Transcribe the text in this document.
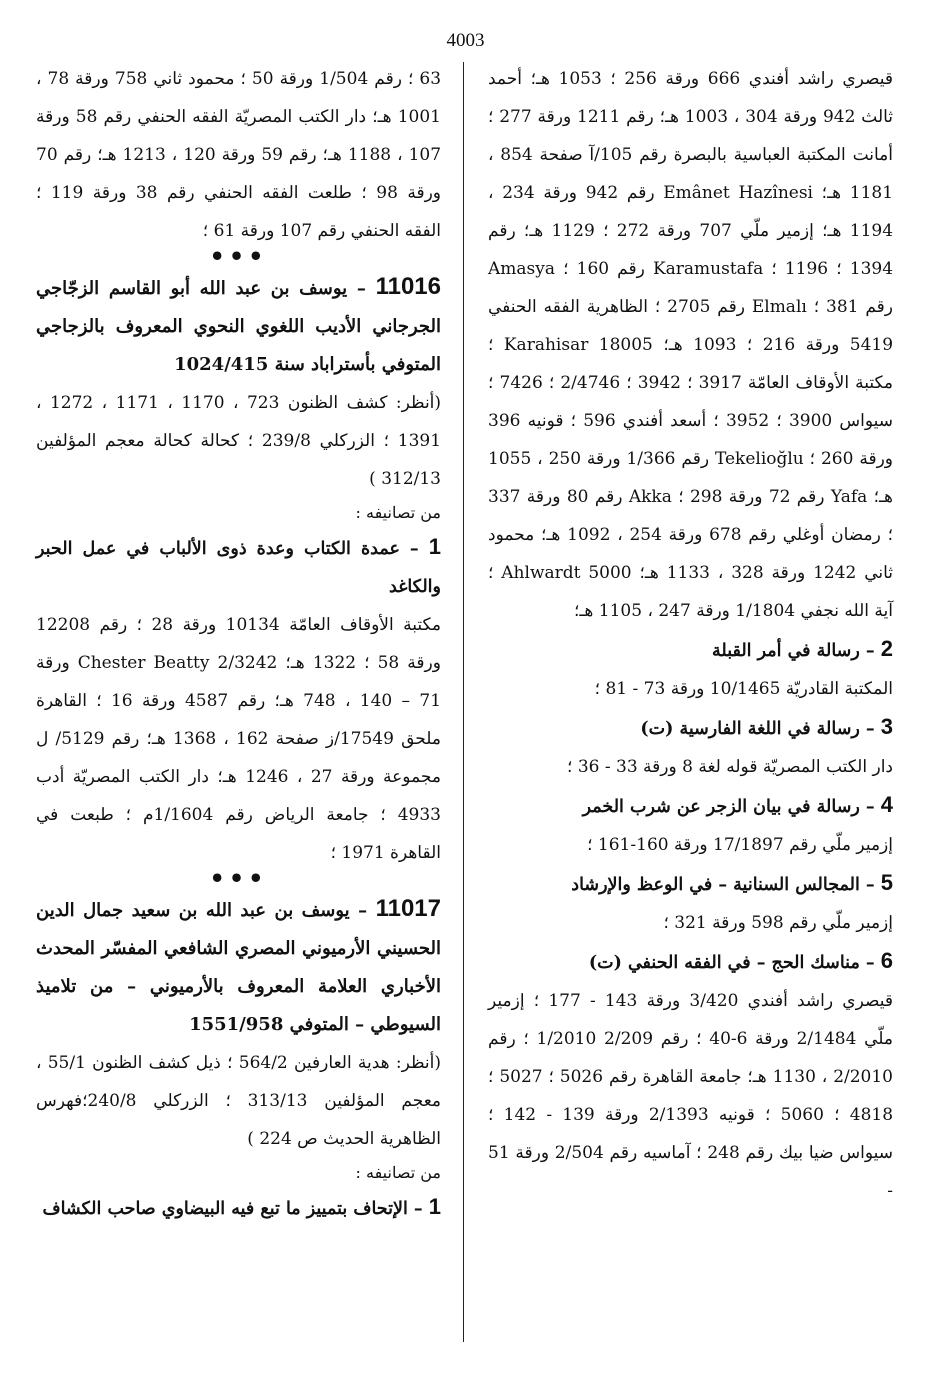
4003

قيصري راشد أفندي 666 ورقة 256 ؛ 1053 هـ؛ أحمد ثالث 942 ورقة 304 ، 1003 هـ؛ رقم 1211 ورقة 277 ؛ أمانت المكتبة العباسية بالبصرة رقم 105/آ صفحة 854 ، 1181 هـ؛ Emânet Hazînesi رقم 942 ورقة 234 ، 1194 هـ؛ إزمير ملّي 707 ورقة 272 ؛ 1129 هـ؛ رقم 1394 ؛ 1196 ؛ Karamustafa رقم 160 ؛ Amasya رقم 381 ؛ Elmalı رقم 2705 ؛ الظاهرية الفقه الحنفي 5419 ورقة 216 ؛ 1093 هـ؛ Karahisar 18005 ؛ مكتبة الأوقاف العامّة 3917 ؛ 3942 ؛ 2/4746 ؛ 7426 ؛ سيواس 3900 ؛ 3952 ؛ أسعد أفندي 596 ؛ قونيه 396 ورقة 260 ؛ Tekelioğlu رقم 1/366 ورقة 250 ، 1055 هـ؛ Yafa رقم 72 ورقة 298 ؛ Akka رقم 80 ورقة 337 ؛ رمضان أوغلي رقم 678 ورقة 254 ، 1092 هـ؛ محمود ثاني 1242 ورقة 328 ، 1133 هـ؛ Ahlwardt 5000 ؛ آية الله نجفي 1/1804 ورقة 247 ، 1105 هـ؛

2 – رسالة في أمر القبلة

المكتبة القادريّة 10/1465 ورقة 73 - 81 ؛

3 – رسالة في اللغة الفارسية (ت)

دار الكتب المصريّة قوله لغة 8 ورقة 33 - 36 ؛

4 – رسالة في بيان الزجر عن شرب الخمر

إزمير ملّي رقم 17/1897 ورقة 160-161 ؛

5 – المجالس السنانية – في الوعظ والإرشاد

إزمير ملّي رقم 598 ورقة 321 ؛

6 – مناسك الحج – في الفقه الحنفي (ت)

قيصري راشد أفندي 3/420 ورقة 143 - 177 ؛ إزمير ملّي 2/1484 ورقة 6-40 ؛ رقم 2/209 1/2010 ؛ رقم 2/2010 ، 1130 هـ؛ جامعة القاهرة رقم 5026 ؛ 5027 ؛ 4818 ؛ 5060 ؛ قونيه 2/1393 ورقة 139 - 142 ؛ سيواس ضيا بيك رقم 248 ؛ آماسيه رقم 2/504 ورقة 51 -

63 ؛ رقم 1/504 ورقة 50 ؛ محمود ثاني 758 ورقة 78 ، 1001 هـ؛ دار الكتب المصريّة الفقه الحنفي رقم 58 ورقة 107 ، 1188 هـ؛ رقم 59 ورقة 120 ، 1213 هـ؛ رقم 70 ورقة 98 ؛ طلعت الفقه الحنفي رقم 38 ورقة 119 ؛ الفقه الحنفي رقم 107 ورقة 61 ؛

•••

11016 – يوسف بن عبد الله أبو القاسم الزجّاجي الجرجاني الأديب اللغوي النحوي المعروف بالزجاجي المتوفي بأستراباد سنة 1024/415

(أنظر: كشف الظنون 723 ، 1170 ، 1171 ، 1272 ، 1391 ؛ الزركلي 239/8 ؛ كحالة كحالة معجم المؤلفين 312/13 )

من تصانيفه :

1 – عمدة الكتاب وعدة ذوى الألباب في عمل الحبر والكاغد

مكتبة الأوقاف العامّة 10134 ورقة 28 ؛ رقم 12208 ورقة 58 ؛ 1322 هـ؛ Chester Beatty 2/3242 ورقة 71 – 140 ، 748 هـ؛ رقم 4587 ورقة 16 ؛ القاهرة ملحق 17549/ز صفحة 162 ، 1368 هـ؛ رقم 5129/ ل مجموعة ورقة 27 ، 1246 هـ؛ دار الكتب المصريّة أدب 4933 ؛ جامعة الرياض رقم 1/1604م ؛ طبعت في القاهرة 1971 ؛

•••

11017 – يوسف بن عبد الله بن سعيد جمال الدين الحسيني الأرميوني المصري الشافعي المفسّر المحدث الأخباري العلامة المعروف بالأرميوني – من تلاميذ السيوطي – المتوفي 1551/958

(أنظر: هدية العارفين 564/2 ؛ ذيل كشف الظنون 55/1 ، معجم المؤلفين 313/13 ؛ الزركلي 240/8؛فهرس الظاهرية الحديث ص 224 )

من تصانيفه :

1 – الإتحاف بتمييز ما تبع فيه البيضاوي صاحب الكشاف
